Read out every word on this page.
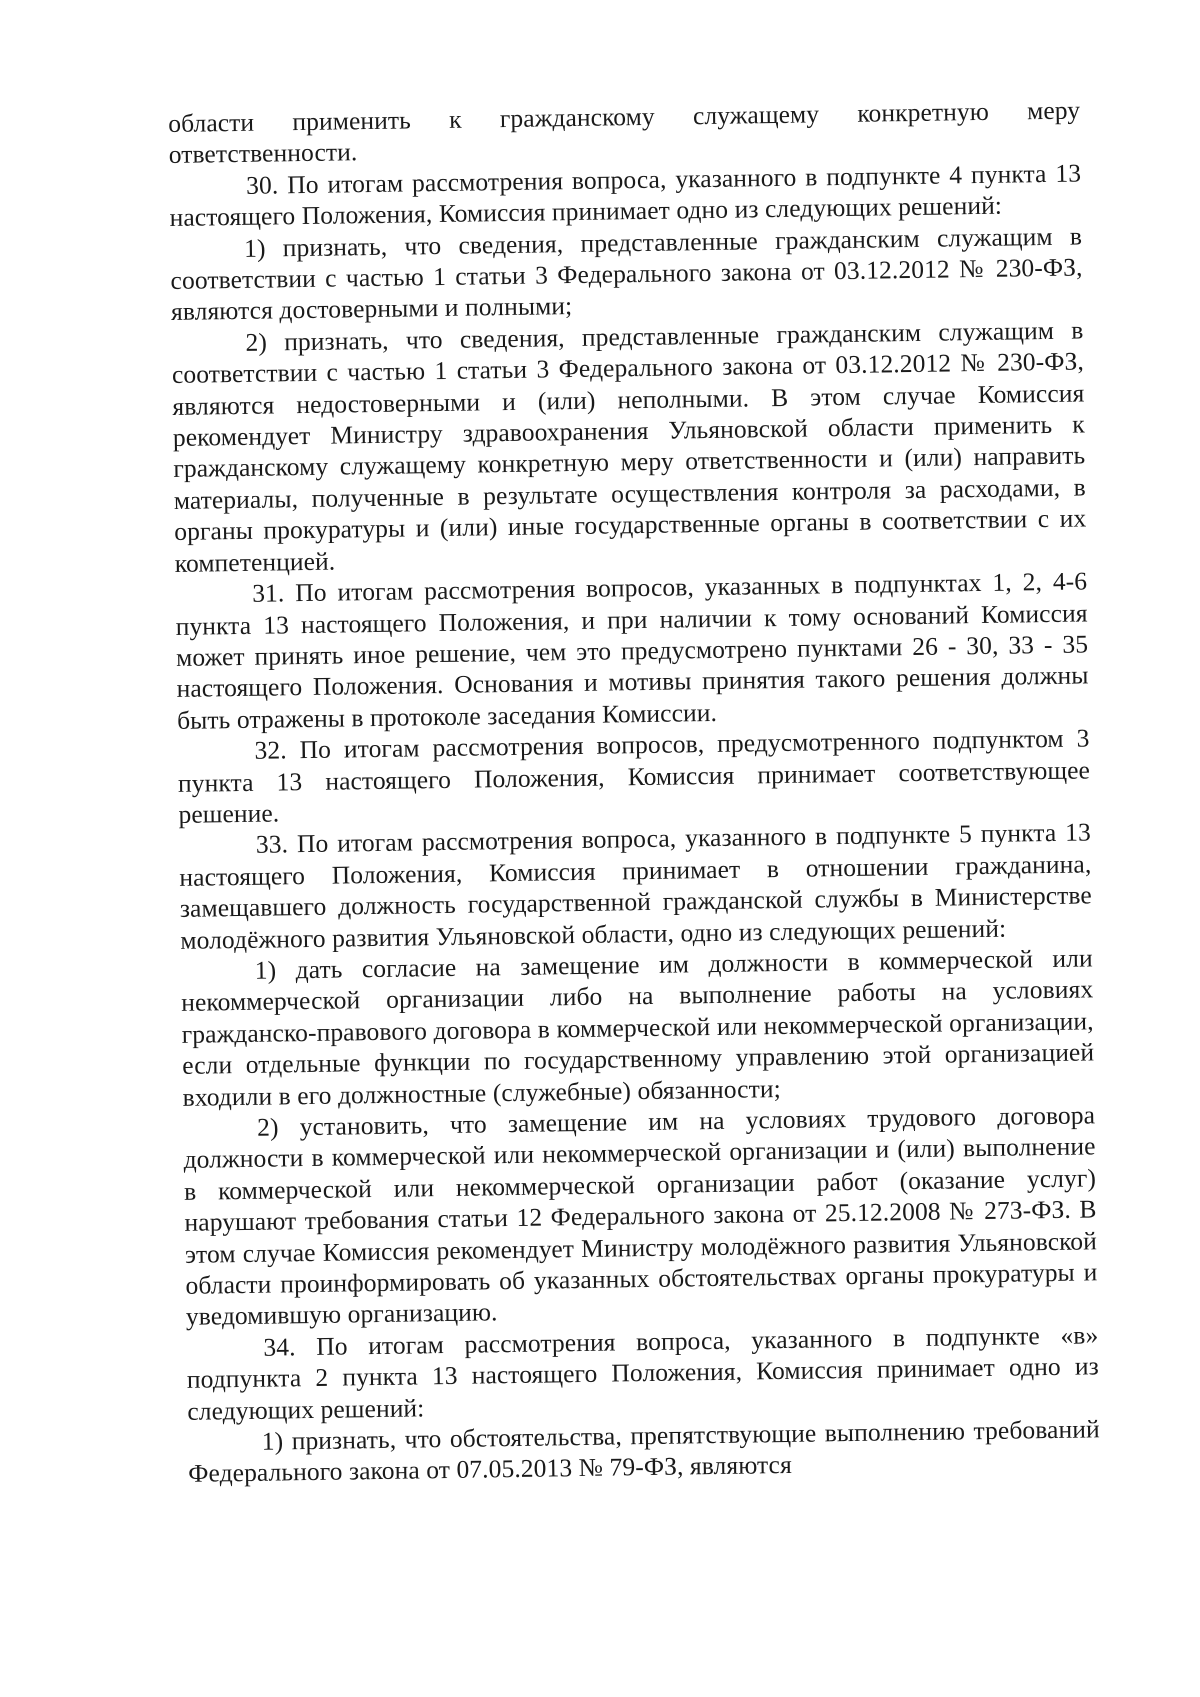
области применить к гражданскому служащему конкретную меру ответственности.

30. По итогам рассмотрения вопроса, указанного в подпункте 4 пункта 13 настоящего Положения, Комиссия принимает одно из следующих решений:

1) признать, что сведения, представленные гражданским служащим в соответствии с частью 1 статьи 3 Федерального закона от 03.12.2012 № 230-ФЗ, являются достоверными и полными;

2) признать, что сведения, представленные гражданским служащим в соответствии с частью 1 статьи 3 Федерального закона от 03.12.2012 № 230-ФЗ, являются недостоверными и (или) неполными. В этом случае Комиссия рекомендует Министру здравоохранения Ульяновской области применить к гражданскому служащему конкретную меру ответственности и (или) направить материалы, полученные в результате осуществления контроля за расходами, в органы прокуратуры и (или) иные государственные органы в соответствии с их компетенцией.

31. По итогам рассмотрения вопросов, указанных в подпунктах 1, 2, 4-6 пункта 13 настоящего Положения, и при наличии к тому оснований Комиссия может принять иное решение, чем это предусмотрено пунктами 26 - 30, 33 - 35 настоящего Положения. Основания и мотивы принятия такого решения должны быть отражены в протоколе заседания Комиссии.

32. По итогам рассмотрения вопросов, предусмотренного подпунктом 3 пункта 13 настоящего Положения, Комиссия принимает соответствующее решение.

33. По итогам рассмотрения вопроса, указанного в подпункте 5 пункта 13 настоящего Положения, Комиссия принимает в отношении гражданина, замещавшего должность государственной гражданской службы в Министерстве молодёжного развития Ульяновской области, одно из следующих решений:

1) дать согласие на замещение им должности в коммерческой или некоммерческой организации либо на выполнение работы на условиях гражданско-правового договора в коммерческой или некоммерческой организации, если отдельные функции по государственному управлению этой организацией входили в его должностные (служебные) обязанности;

2) установить, что замещение им на условиях трудового договора должности в коммерческой или некоммерческой организации и (или) выполнение в коммерческой или некоммерческой организации работ (оказание услуг) нарушают требования статьи 12 Федерального закона от 25.12.2008 № 273-ФЗ. В этом случае Комиссия рекомендует Министру молодёжного развития Ульяновской области проинформировать об указанных обстоятельствах органы прокуратуры и уведомившую организацию.

34. По итогам рассмотрения вопроса, указанного в подпункте «в» подпункта 2 пункта 13 настоящего Положения, Комиссия принимает одно из следующих решений:

1) признать, что обстоятельства, препятствующие выполнению требований Федерального закона от 07.05.2013 № 79-ФЗ, являются
